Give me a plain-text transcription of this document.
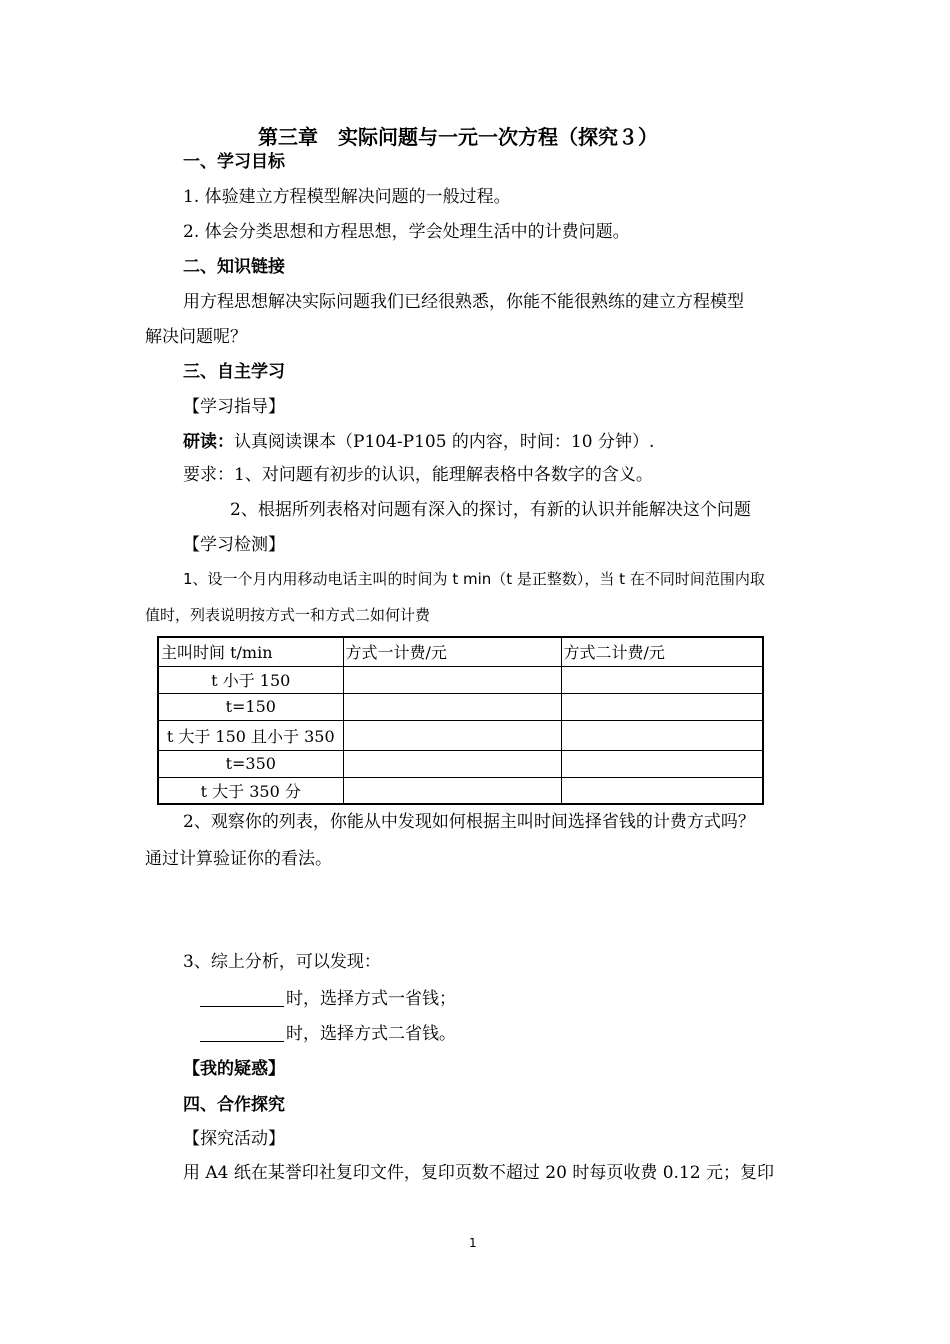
第三章　实际问题与一元一次方程（探究３）
一、学习目标
1. 体验建立方程模型解决问题的一般过程。
2. 体会分类思想和方程思想，学会处理生活中的计费问题。
二、知识链接
用方程思想解决实际问题我们已经很熟悉，你能不能很熟练的建立方程模型
解决问题呢？
三、自主学习
【学习指导】
研读：认真阅读课本（P104-P105 的内容，时间：10 分钟）.
要求：1、对问题有初步的认识，能理解表格中各数字的含义。
2、根据所列表格对问题有深入的探讨，有新的认识并能解决这个问题
【学习检测】
1、设一个月内用移动电话主叫的时间为 t min（t 是正整数），当 t 在不同时间范围内取
值时，列表说明按方式一和方式二如何计费
主叫时间 t/min	方式一计费/元	方式二计费/元
t 小于 150		
t=150		
t 大于 150 且小于 350		
t=350		
t 大于 350 分		
2、观察你的列表，你能从中发现如何根据主叫时间选择省钱的计费方式吗？
通过计算验证你的看法。
3、综上分析，可以发现：
时，选择方式一省钱；
时，选择方式二省钱。
【我的疑惑】
四、合作探究
【探究活动】
用 A4 纸在某誉印社复印文件，复印页数不超过 20 时每页收费 0.12 元；复印
1
